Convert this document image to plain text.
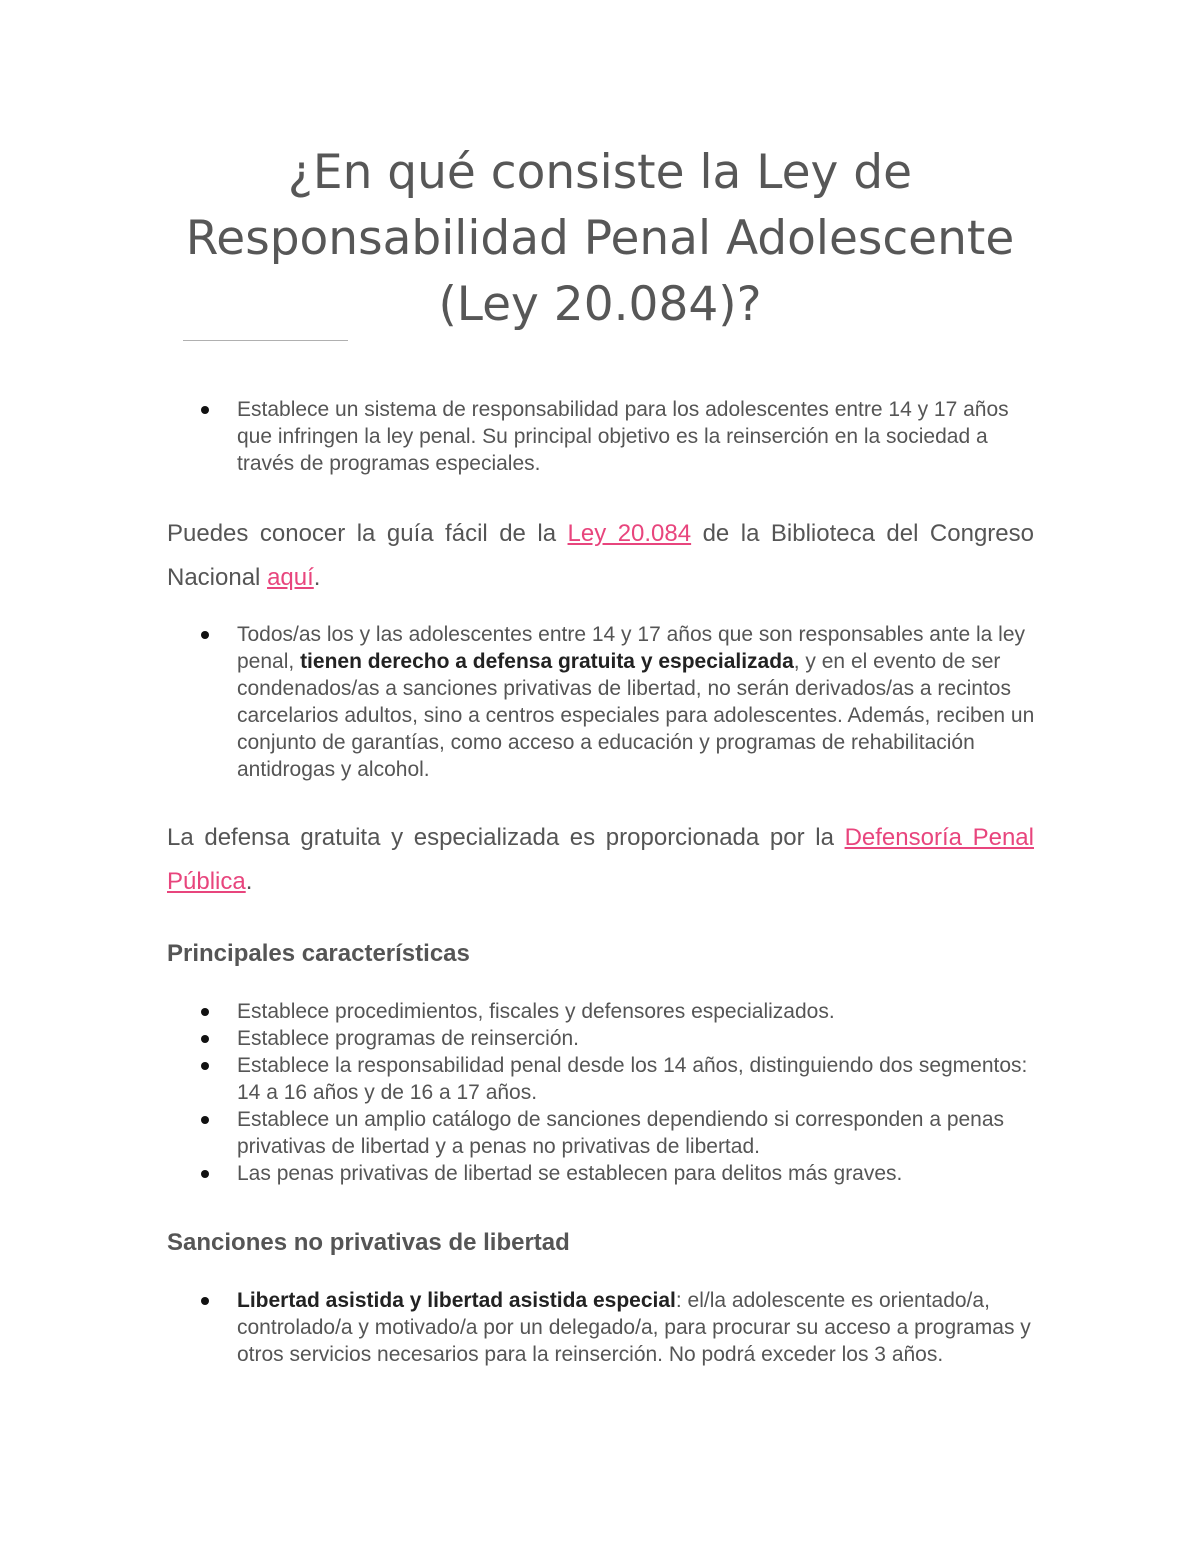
¿En qué consiste la Ley de Responsabilidad Penal Adolescente (Ley 20.084)?
Establece un sistema de responsabilidad para los adolescentes entre 14 y 17 años que infringen la ley penal. Su principal objetivo es la reinserción en la sociedad a través de programas especiales.

Puedes conocer la guía fácil de la Ley 20.084 de la Biblioteca del Congreso Nacional aquí.

Todos/as los y las adolescentes entre 14 y 17 años que son responsables ante la ley penal, tienen derecho a defensa gratuita y especializada, y en el evento de ser condenados/as a sanciones privativas de libertad, no serán derivados/as a recintos carcelarios adultos, sino a centros especiales para adolescentes. Además, reciben un conjunto de garantías, como acceso a educación y programas de rehabilitación antidrogas y alcohol.

La defensa gratuita y especializada es proporcionada por la Defensoría Penal Pública.

Principales características
Establece procedimientos, fiscales y defensores especializados.
Establece programas de reinserción.
Establece la responsabilidad penal desde los 14 años, distinguiendo dos segmentos: 14 a 16 años y de 16 a 17 años.
Establece un amplio catálogo de sanciones dependiendo si corresponden a penas privativas de libertad y a penas no privativas de libertad.
Las penas privativas de libertad se establecen para delitos más graves.
Sanciones no privativas de libertad
Libertad asistida y libertad asistida especial: el/la adolescente es orientado/a, controlado/a y motivado/a por un delegado/a, para procurar su acceso a programas y otros servicios necesarios para la reinserción. No podrá exceder los 3 años.
